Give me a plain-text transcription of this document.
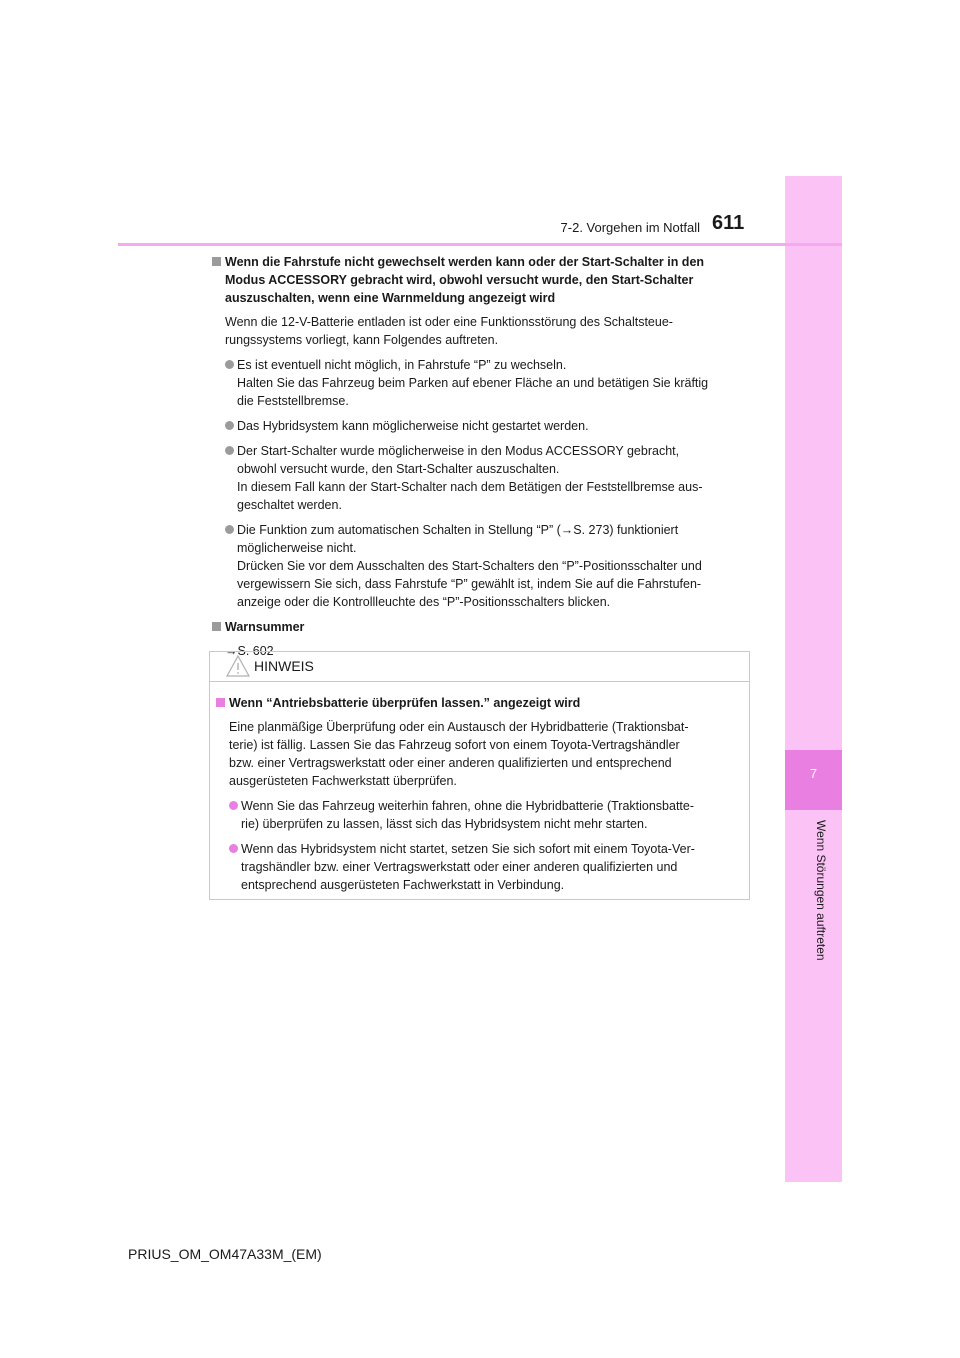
7
Wenn Störungen auftreten
7-2. Vorgehen im Notfall 611
Wenn die Fahrstufe nicht gewechselt werden kann oder der Start-Schalter in den
Modus ACCESSORY gebracht wird, obwohl versucht wurde, den Start-Schalter
auszuschalten, wenn eine Warnmeldung angezeigt wird
Wenn die 12-V-Batterie entladen ist oder eine Funktionsstörung des Schaltsteue-
rungssystems vorliegt, kann Folgendes auftreten.
Es ist eventuell nicht möglich, in Fahrstufe “P” zu wechseln.
Halten Sie das Fahrzeug beim Parken auf ebener Fläche an und betätigen Sie kräftig
die Feststellbremse.
Das Hybridsystem kann möglicherweise nicht gestartet werden.
Der Start-Schalter wurde möglicherweise in den Modus ACCESSORY gebracht,
obwohl versucht wurde, den Start-Schalter auszuschalten.
In diesem Fall kann der Start-Schalter nach dem Betätigen der Feststellbremse aus-
geschaltet werden.
Die Funktion zum automatischen Schalten in Stellung “P” (→S. 273) funktioniert
möglicherweise nicht.
Drücken Sie vor dem Ausschalten des Start-Schalters den “P”-Positionsschalter und
vergewissern Sie sich, dass Fahrstufe “P” gewählt ist, indem Sie auf die Fahrstufen-
anzeige oder die Kontrollleuchte des “P”-Positionsschalters blicken.
Warnsummer
→S. 602
HINWEIS
Wenn “Antriebsbatterie überprüfen lassen.” angezeigt wird
Eine planmäßige Überprüfung oder ein Austausch der Hybridbatterie (Traktionsbat-
terie) ist fällig. Lassen Sie das Fahrzeug sofort von einem Toyota-Vertragshändler
bzw. einer Vertragswerkstatt oder einer anderen qualifizierten und entsprechend
ausgerüsteten Fachwerkstatt überprüfen.
Wenn Sie das Fahrzeug weiterhin fahren, ohne die Hybridbatterie (Traktionsbatte-
rie) überprüfen zu lassen, lässt sich das Hybridsystem nicht mehr starten.
Wenn das Hybridsystem nicht startet, setzen Sie sich sofort mit einem Toyota-Ver-
tragshändler bzw. einer Vertragswerkstatt oder einer anderen qualifizierten und
entsprechend ausgerüsteten Fachwerkstatt in Verbindung.
PRIUS_OM_OM47A33M_(EM)
